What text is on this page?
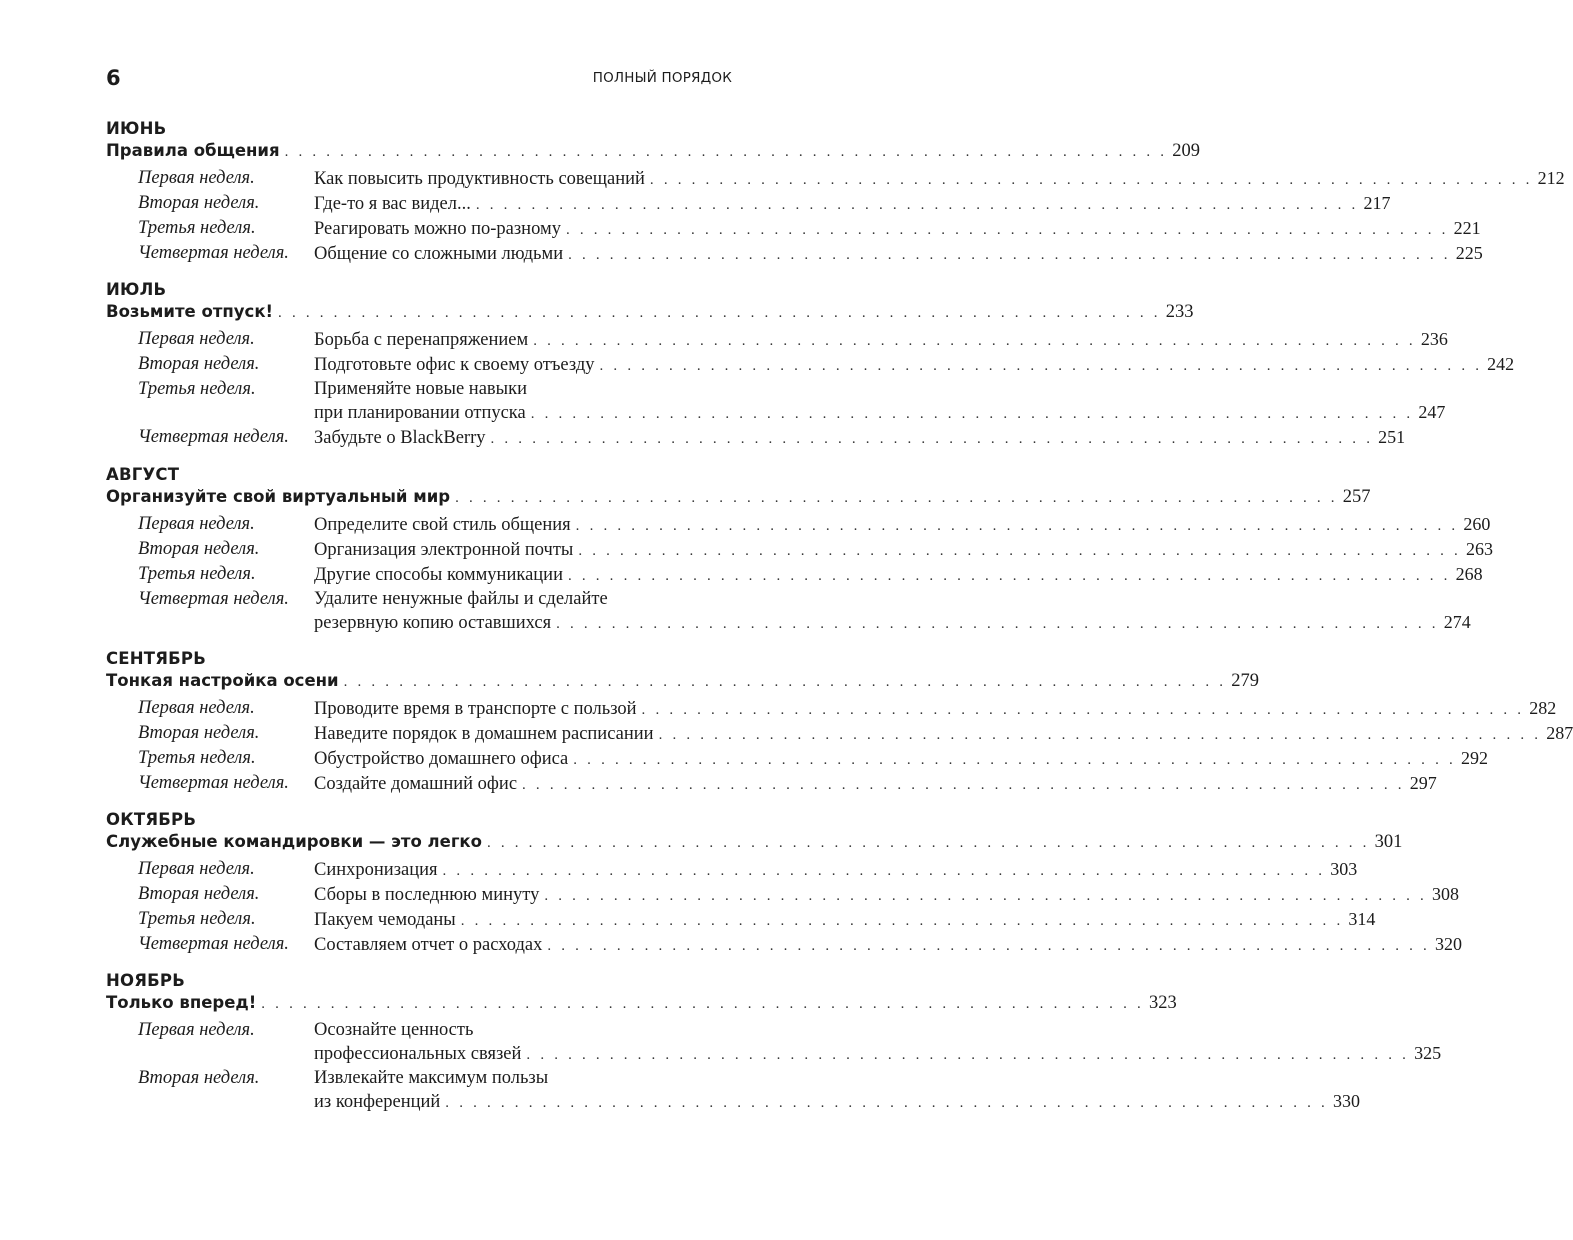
6	ПОЛНЫЙ ПОРЯДОК
ИЮНЬ
Правила общения . . . . . . . . . . . . . . . . . . . . . . . . . . . . . . . . . . . . . . . . . . . . . . . . . . . . . . . . . . . . . . . . 209
Первая неделя.	Как повысить продуктивность совещаний . . . . . . . . . . . . . . . . . . . . . . . . . . . . . . . . . . . . . . . . . . . . . . . . . . . . . . . . . . . . . . . . 212
Вторая неделя.	Где-то я вас видел... . . . . . . . . . . . . . . . . . . . . . . . . . . . . . . . . . . . . . . . . . . . . . . . . . . . . . . . . . . . . . . . . 217
Третья неделя.	Реагировать можно по-разному . . . . . . . . . . . . . . . . . . . . . . . . . . . . . . . . . . . . . . . . . . . . . . . . . . . . . . . . . . . . . . . . 221
Четвертая неделя.	Общение со сложными людьми . . . . . . . . . . . . . . . . . . . . . . . . . . . . . . . . . . . . . . . . . . . . . . . . . . . . . . . . . . . . . . . . 225
ИЮЛЬ
Возьмите отпуск! . . . . . . . . . . . . . . . . . . . . . . . . . . . . . . . . . . . . . . . . . . . . . . . . . . . . . . . . . . . . . . . . 233
Первая неделя.	Борьба с перенапряжением . . . . . . . . . . . . . . . . . . . . . . . . . . . . . . . . . . . . . . . . . . . . . . . . . . . . . . . . . . . . . . . . 236
Вторая неделя.	Подготовьте офис к своему отъезду . . . . . . . . . . . . . . . . . . . . . . . . . . . . . . . . . . . . . . . . . . . . . . . . . . . . . . . . . . . . . . . . 242
Третья неделя.	Применяйте новые навыки
при планировании отпуска . . . . . . . . . . . . . . . . . . . . . . . . . . . . . . . . . . . . . . . . . . . . . . . . . . . . . . . . . . . . . . . . 247
Четвертая неделя.	Забудьте о BlackBerry . . . . . . . . . . . . . . . . . . . . . . . . . . . . . . . . . . . . . . . . . . . . . . . . . . . . . . . . . . . . . . . . 251
АВГУСТ
Организуйте свой виртуальный мир . . . . . . . . . . . . . . . . . . . . . . . . . . . . . . . . . . . . . . . . . . . . . . . . . . . . . . . . . . . . . . . . 257
Первая неделя.	Определите свой стиль общения . . . . . . . . . . . . . . . . . . . . . . . . . . . . . . . . . . . . . . . . . . . . . . . . . . . . . . . . . . . . . . . . 260
Вторая неделя.	Организация электронной почты . . . . . . . . . . . . . . . . . . . . . . . . . . . . . . . . . . . . . . . . . . . . . . . . . . . . . . . . . . . . . . . . 263
Третья неделя.	Другие способы коммуникации . . . . . . . . . . . . . . . . . . . . . . . . . . . . . . . . . . . . . . . . . . . . . . . . . . . . . . . . . . . . . . . . 268
Четвертая неделя.	Удалите ненужные файлы и сделайте
резервную копию оставшихся . . . . . . . . . . . . . . . . . . . . . . . . . . . . . . . . . . . . . . . . . . . . . . . . . . . . . . . . . . . . . . . . 274
СЕНТЯБРЬ
Тонкая настройка осени . . . . . . . . . . . . . . . . . . . . . . . . . . . . . . . . . . . . . . . . . . . . . . . . . . . . . . . . . . . . . . . . 279
Первая неделя.	Проводите время в транспорте с пользой . . . . . . . . . . . . . . . . . . . . . . . . . . . . . . . . . . . . . . . . . . . . . . . . . . . . . . . . . . . . . . . . 282
Вторая неделя.	Наведите порядок в домашнем расписании . . . . . . . . . . . . . . . . . . . . . . . . . . . . . . . . . . . . . . . . . . . . . . . . . . . . . . . . . . . . . . . . 287
Третья неделя.	Обустройство домашнего офиса . . . . . . . . . . . . . . . . . . . . . . . . . . . . . . . . . . . . . . . . . . . . . . . . . . . . . . . . . . . . . . . . 292
Четвертая неделя.	Создайте домашний офис . . . . . . . . . . . . . . . . . . . . . . . . . . . . . . . . . . . . . . . . . . . . . . . . . . . . . . . . . . . . . . . . 297
ОКТЯБРЬ
Служебные командировки — это легко . . . . . . . . . . . . . . . . . . . . . . . . . . . . . . . . . . . . . . . . . . . . . . . . . . . . . . . . . . . . . . . . 301
Первая неделя.	Синхронизация . . . . . . . . . . . . . . . . . . . . . . . . . . . . . . . . . . . . . . . . . . . . . . . . . . . . . . . . . . . . . . . . 303
Вторая неделя.	Сборы в последнюю минуту . . . . . . . . . . . . . . . . . . . . . . . . . . . . . . . . . . . . . . . . . . . . . . . . . . . . . . . . . . . . . . . . 308
Третья неделя.	Пакуем чемоданы . . . . . . . . . . . . . . . . . . . . . . . . . . . . . . . . . . . . . . . . . . . . . . . . . . . . . . . . . . . . . . . . 314
Четвертая неделя.	Составляем отчет о расходах . . . . . . . . . . . . . . . . . . . . . . . . . . . . . . . . . . . . . . . . . . . . . . . . . . . . . . . . . . . . . . . . 320
НОЯБРЬ
Только вперед! . . . . . . . . . . . . . . . . . . . . . . . . . . . . . . . . . . . . . . . . . . . . . . . . . . . . . . . . . . . . . . . . 323
Первая неделя.	Осознайте ценность
профессиональных связей . . . . . . . . . . . . . . . . . . . . . . . . . . . . . . . . . . . . . . . . . . . . . . . . . . . . . . . . . . . . . . . . 325
Вторая неделя.	Извлекайте максимум пользы
из конференций . . . . . . . . . . . . . . . . . . . . . . . . . . . . . . . . . . . . . . . . . . . . . . . . . . . . . . . . . . . . . . . . 330
